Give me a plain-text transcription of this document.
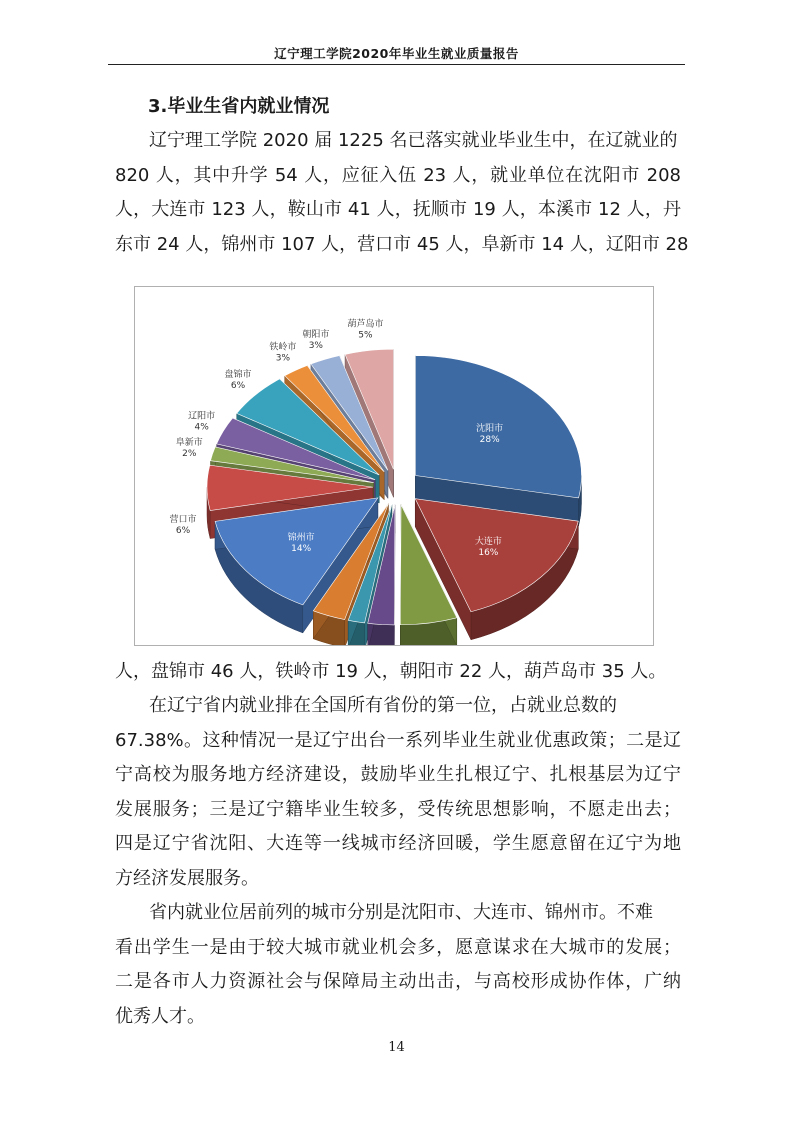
辽宁理工学院2020年毕业生就业质量报告
3.毕业生省内就业情况
辽宁理工学院 2020 届 1225 名已落实就业毕业生中，在辽就业的
820 人，其中升学 54 人，应征入伍 23 人，就业单位在沈阳市 208
人，大连市 123 人，鞍山市 41 人，抚顺市 19 人，本溪市 12 人，丹
东市 24 人，锦州市 107 人，营口市 45 人，阜新市 14 人，辽阳市 28
沈阳市
28%
大连市
16%
锦州市
14%
营口市
6%
阜新市
2%
辽阳市
4%
盘锦市
6%
铁岭市
3%
朝阳市
3%
葫芦岛市
5%
人，盘锦市 46 人，铁岭市 19 人，朝阳市 22 人，葫芦岛市 35 人。
在辽宁省内就业排在全国所有省份的第一位，占就业总数的
67.38%。这种情况一是辽宁出台一系列毕业生就业优惠政策；二是辽
宁高校为服务地方经济建设，鼓励毕业生扎根辽宁、扎根基层为辽宁
发展服务；三是辽宁籍毕业生较多，受传统思想影响，不愿走出去；
四是辽宁省沈阳、大连等一线城市经济回暖，学生愿意留在辽宁为地
方经济发展服务。
省内就业位居前列的城市分别是沈阳市、大连市、锦州市。不难
看出学生一是由于较大城市就业机会多，愿意谋求在大城市的发展；
二是各市人力资源社会与保障局主动出击，与高校形成协作体，广纳
优秀人才。
14
